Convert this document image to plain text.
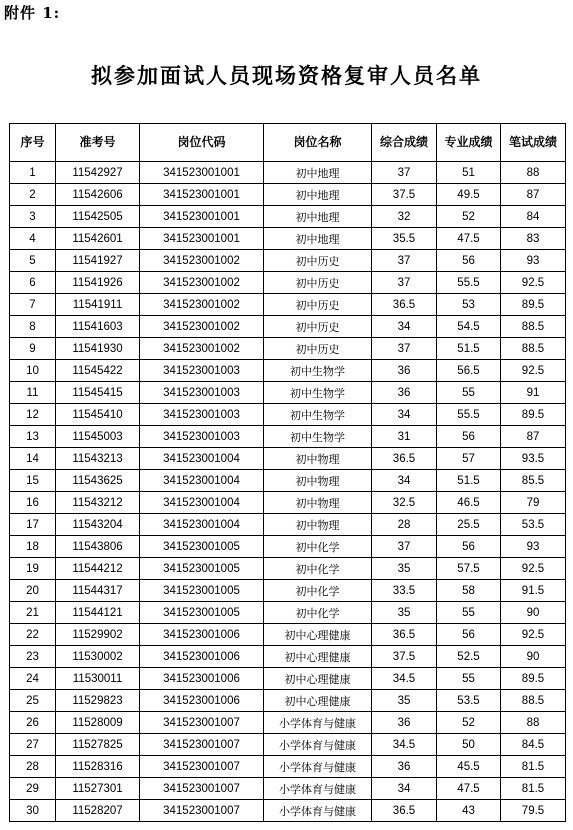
附件 1:
拟参加面试人员现场资格复审人员名单
序号	准考号	岗位代码	岗位名称	综合成绩	专业成绩	笔试成绩
1	11542927	341523001001	初中地理	37	51	88
2	11542606	341523001001	初中地理	37.5	49.5	87
3	11542505	341523001001	初中地理	32	52	84
4	11542601	341523001001	初中地理	35.5	47.5	83
5	11541927	341523001002	初中历史	37	56	93
6	11541926	341523001002	初中历史	37	55.5	92.5
7	11541911	341523001002	初中历史	36.5	53	89.5
8	11541603	341523001002	初中历史	34	54.5	88.5
9	11541930	341523001002	初中历史	37	51.5	88.5
10	11545422	341523001003	初中生物学	36	56.5	92.5
11	11545415	341523001003	初中生物学	36	55	91
12	11545410	341523001003	初中生物学	34	55.5	89.5
13	11545003	341523001003	初中生物学	31	56	87
14	11543213	341523001004	初中物理	36.5	57	93.5
15	11543625	341523001004	初中物理	34	51.5	85.5
16	11543212	341523001004	初中物理	32.5	46.5	79
17	11543204	341523001004	初中物理	28	25.5	53.5
18	11543806	341523001005	初中化学	37	56	93
19	11544212	341523001005	初中化学	35	57.5	92.5
20	11544317	341523001005	初中化学	33.5	58	91.5
21	11544121	341523001005	初中化学	35	55	90
22	11529902	341523001006	初中心理健康	36.5	56	92.5
23	11530002	341523001006	初中心理健康	37.5	52.5	90
24	11530011	341523001006	初中心理健康	34.5	55	89.5
25	11529823	341523001006	初中心理健康	35	53.5	88.5
26	11528009	341523001007	小学体育与健康	36	52	88
27	11527825	341523001007	小学体育与健康	34.5	50	84.5
28	11528316	341523001007	小学体育与健康	36	45.5	81.5
29	11527301	341523001007	小学体育与健康	34	47.5	81.5
30	11528207	341523001007	小学体育与健康	36.5	43	79.5
